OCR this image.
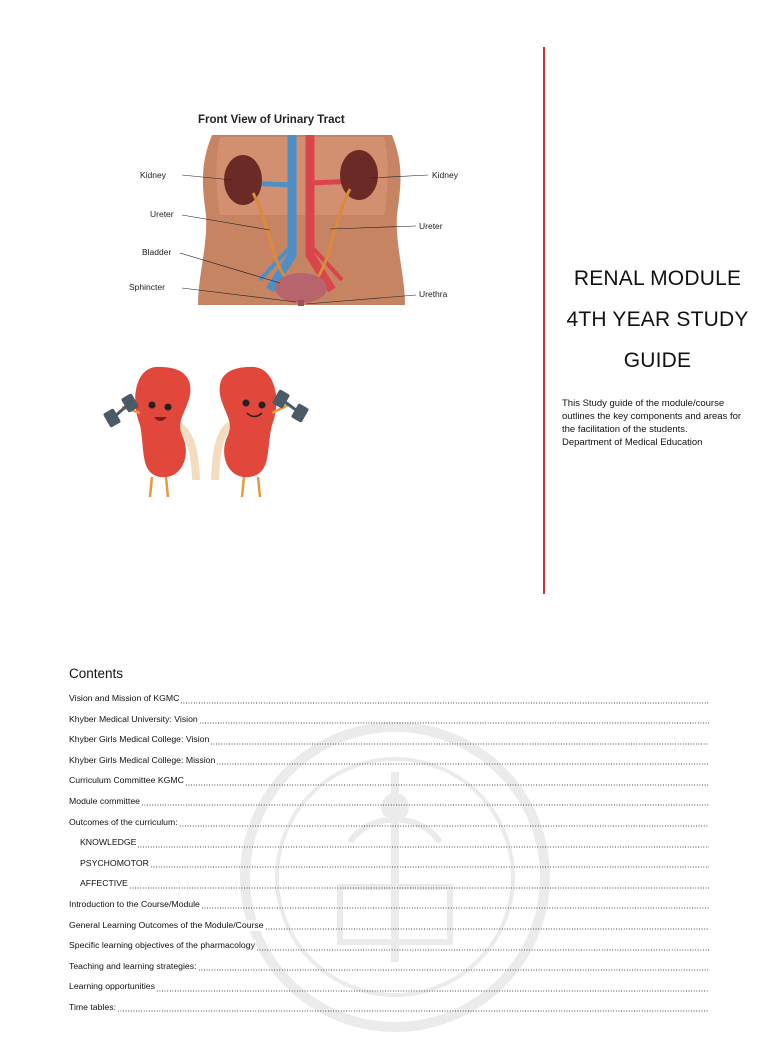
Front View of Urinary Tract
Kidney	Kidney
Ureter
Ureter
Bladder
Sphincter
Urethra
RENAL MODULE
4TH YEAR STUDY
GUIDE
This Study guide of the module/course
outlines the key components and areas for
the facilitation of the students.
Department of Medical Education
Contents
Vision and Mission of KGMC
Khyber Medical University: Vision
Khyber Girls Medical College: Vision
Khyber Girls Medical College: Mission
Curriculum Committee KGMC
Module committee
Outcomes of the curriculum:
KNOWLEDGE
PSYCHOMOTOR
AFFECTIVE
Introduction to the Course/Module
General Learning Outcomes of the Module/Course
Specific learning objectives of the pharmacology
Teaching and learning strategies:
Learning opportunities
Time tables:
